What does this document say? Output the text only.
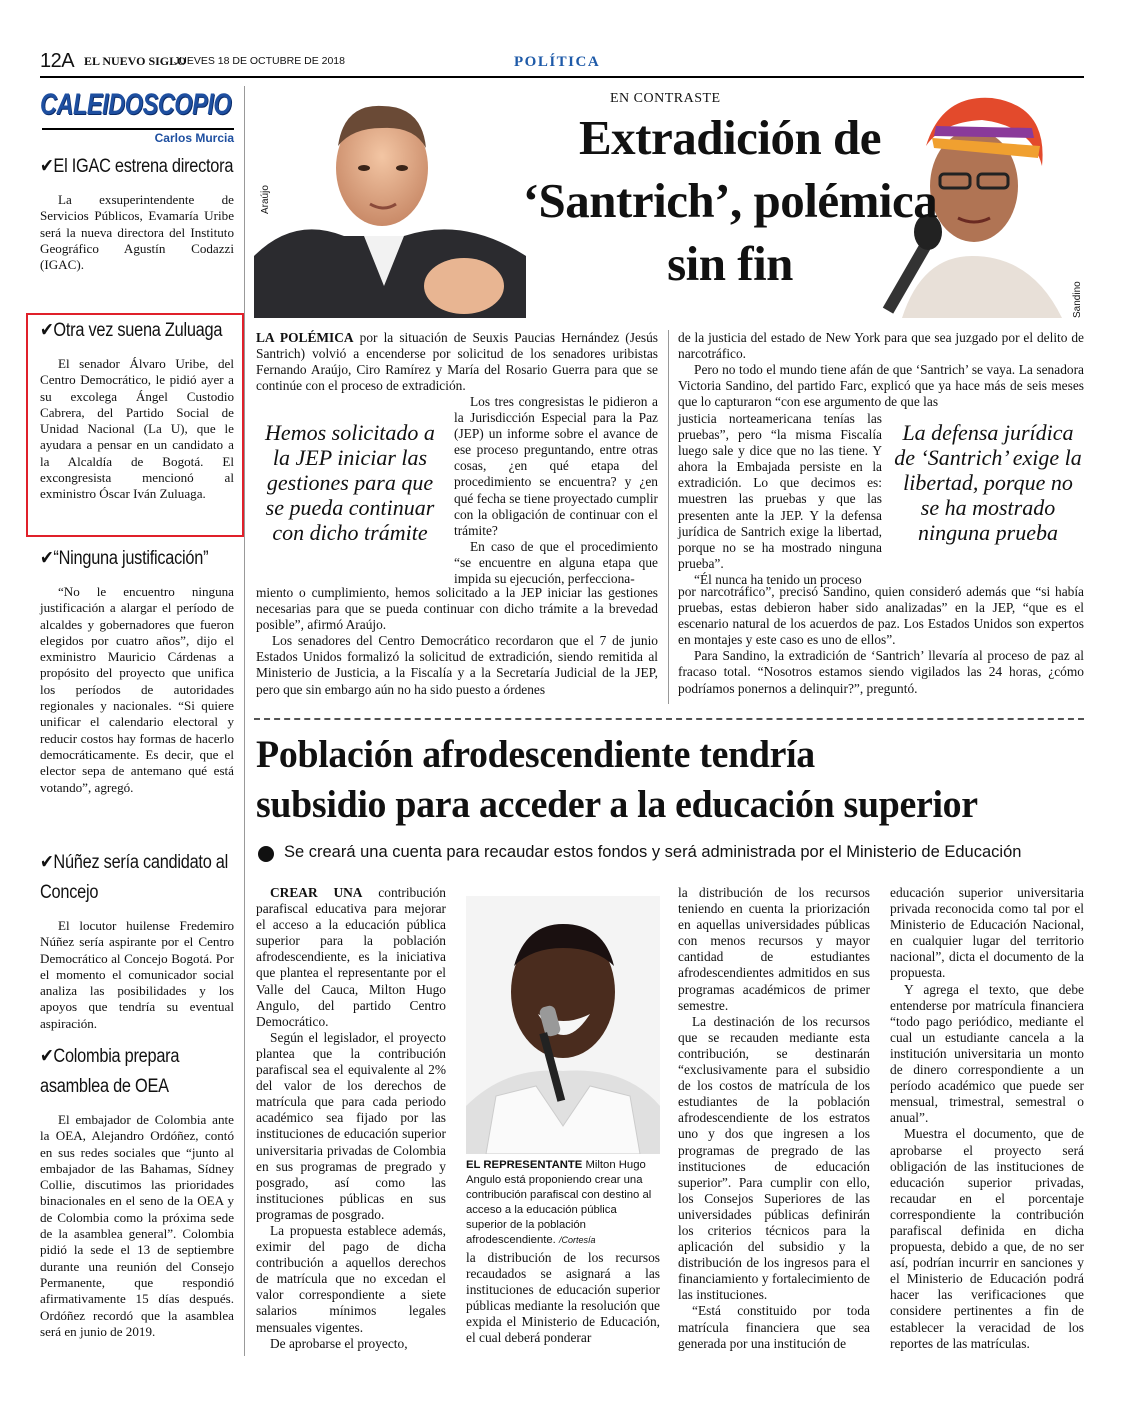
12A EL NUEVO SIGLO
JUEVES 18 DE OCTUBRE DE 2018	POLÍTICA
CALEIDOSCOPIO
Carlos Murcia
✔El IGAC estrena directora

La exsuperintendente de Servicios Públicos, Evamaría Uribe será la nueva directora del Instituto Geográfico Agustín Codazzi (IGAC).

✔Otra vez suena Zuluaga

El senador Álvaro Uribe, del Centro Democrático, le pidió ayer a su excolega Ángel Custodio Cabrera, del Partido Social de Unidad Nacional (La U), que le ayudara a pensar en un candidato a la Alcaldía de Bogotá. El excongresista mencionó al exministro Óscar Iván Zuluaga.

✔“Ninguna justificación”

“No le encuentro ninguna justificación a alargar el período de alcaldes y gobernadores que fueron elegidos por cuatro años”, dijo el exministro Mauricio Cárdenas a propósito del proyecto que unifica los períodos de autoridades regionales y nacionales. “Si quiere unificar el calendario electoral y reducir costos hay formas de hacerlo democráticamente. Es decir, que el elector sepa de antemano qué está votando”, agregó.

✔Núñez sería candidato al Concejo

El locutor huilense Fredemiro Núñez sería aspirante por el Centro Democrático al Concejo Bogotá. Por el momento el comunicador social analiza las posibilidades y los apoyos que tendría su eventual aspiración.

✔Colombia prepara asamblea de OEA

El embajador de Colombia ante la OEA, Alejandro Ordóñez, contó en sus redes sociales que “junto al embajador de las Bahamas, Sídney Collie, discutimos las prioridades binacionales en el seno de la OEA y de Colombia como la próxima sede de la asamblea general”. Colombia pidió la sede el 13 de septiembre durante una reunión del Consejo Permanente, que respondió afirmativamente 15 días después. Ordóñez recordó que la asamblea será en junio de 2019.

Araújo
Sandino
EN CONTRASTE
Extradición de
‘Santrich’, polémica
sin fin

LA POLÉMICA por la situación de Seuxis Paucias Hernández (Jesús Santrich) volvió a encenderse por solicitud de los senadores uribistas Fernando Araújo, Ciro Ramírez y María del Rosario Guerra para que se continúe con el proceso de extradición.

Hemos solicitado a la JEP iniciar las gestiones para que se pueda continuar con dicho trámite

Los tres congresistas le pidieron a la Jurisdicción Especial para la Paz (JEP) un informe sobre el avance de ese proceso preguntando, entre otras cosas, ¿en qué etapa del procedimiento se encuentra? y ¿en qué fecha se tiene proyectado cumplir con la obligación de continuar con el trámite?

En caso de que el procedimiento “se encuentre en alguna etapa que impida su ejecución, perfecciona-

miento o cumplimiento, hemos solicitado a la JEP iniciar las gestiones necesarias para que se pueda continuar con dicho trámite a la brevedad posible”, afirmó Araújo.

Los senadores del Centro Democrático recordaron que el 7 de junio Estados Unidos formalizó la solicitud de extradición, siendo remitida al Ministerio de Justicia, a la Fiscalía y a la Secretaría Judicial de la JEP, pero que sin embargo aún no ha sido puesto a órdenes

de la justicia del estado de New York para que sea juzgado por el delito de narcotráfico.

Pero no todo el mundo tiene afán de que ‘Santrich’ se vaya. La senadora Victoria Sandino, del partido Farc, explicó que ya hace más de seis meses que lo capturaron “con ese argumento de que las

justicia norteamericana tenías las pruebas”, pero “la misma Fiscalía luego sale y dice que no las tiene. Y ahora la Embajada persiste en la extradición. Lo que decimos es: muestren las pruebas y que las presenten ante la JEP. Y la defensa jurídica de Santrich exige la libertad, porque no se ha mostrado ninguna prueba”.

“Él nunca ha tenido un proceso

La defensa jurídica de ‘Santrich’ exige la libertad, porque no se ha mostrado ninguna prueba

por narcotráfico”, precisó Sandino, quien consideró además que “si había pruebas, estas debieron haber sido analizadas” en la JEP, “que es el escenario natural de los acuerdos de paz. Los Estados Unidos son expertos en montajes y este caso es uno de ellos”.

Para Sandino, la extradición de ‘Santrich’ llevaría al proceso de paz al fracaso total. “Nosotros estamos siendo vigilados las 24 horas, ¿cómo podríamos ponernos a delinquir?”, preguntó.

Población afrodescendiente tendría
subsidio para acceder a la educación superior
Se creará una cuenta para recaudar estos fondos y será administrada por el Ministerio de Educación

CREAR UNA contribución parafiscal educativa para mejorar el acceso a la educación pública superior para la población afrodescendiente, es la iniciativa que plantea el representante por el Valle del Cauca, Milton Hugo Angulo, del partido Centro Democrático.

Según el legislador, el proyecto plantea que la contribución parafiscal sea el equivalente al 2% del valor de los derechos de matrícula que para cada periodo académico sea fijado por las instituciones de educación superior universitaria privadas de Colombia en sus programas de pregrado y posgrado, así como las instituciones públicas en sus programas de posgrado.

La propuesta establece además, eximir del pago de dicha contribución a aquellos derechos de matrícula que no excedan el valor correspondiente a siete salarios mínimos legales mensuales vigentes.

De aprobarse el proyecto,

EL REPRESENTANTE Milton Hugo Angulo está proponiendo crear una contribución parafiscal con destino al acceso a la educación pública superior de la población afrodescendiente. /Cortesía

la distribución de los recursos recaudados se asignará a las instituciones de educación superior públicas mediante la resolución que expida el Ministerio de Educación, el cual deberá ponderar

la distribución de los recursos teniendo en cuenta la priorización en aquellas universidades públicas con menos recursos y mayor cantidad de estudiantes afrodescendientes admitidos en sus programas académicos de primer semestre.

La destinación de los recursos que se recauden mediante esta contribución, se destinarán “exclusivamente para el subsidio de los costos de matrícula de los estudiantes de la población afrodescendiente de los estratos uno y dos que ingresen a los programas de pregrado de las instituciones de educación superior”. Para cumplir con ello, los Consejos Superiores de las universidades públicas definirán los criterios técnicos para la aplicación del subsidio y la distribución de los ingresos para el financiamiento y fortalecimiento de las instituciones.

“Está constituido por toda matrícula financiera que sea generada por una institución de

educación superior universitaria privada reconocida como tal por el Ministerio de Educación Nacional, en cualquier lugar del territorio nacional”, dicta el documento de la propuesta.

Y agrega el texto, que debe entenderse por matrícula financiera “todo pago periódico, mediante el cual un estudiante cancela a la institución universitaria un monto de dinero correspondiente a un período académico que puede ser mensual, trimestral, semestral o anual”.

Muestra el documento, que de aprobarse el proyecto será obligación de las instituciones de educación superior privadas, recaudar en el porcentaje correspondiente la contribución parafiscal definida en dicha propuesta, debido a que, de no ser así, podrían incurrir en sanciones y el Ministerio de Educación podrá hacer las verificaciones que considere pertinentes a fin de establecer la veracidad de los reportes de las matrículas.
